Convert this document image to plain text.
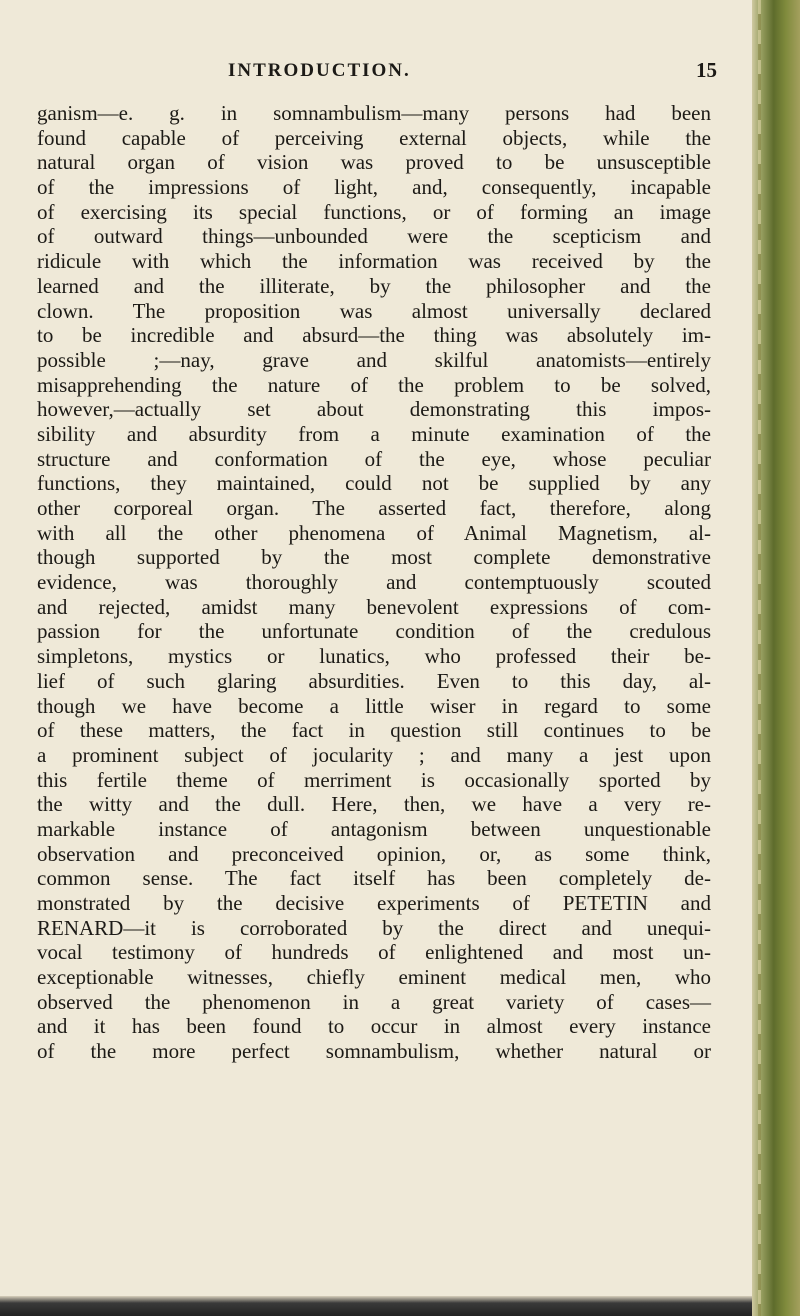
INTRODUCTION.	15
ganism—e. g. in somnambulism—many persons had been
found capable of perceiving external objects, while the
natural organ of vision was proved to be unsusceptible
of the impressions of light, and, consequently, incapable
of exercising its special functions, or of forming an image
of outward things—unbounded were the scepticism and
ridicule with which the information was received by the
learned and the illiterate, by the philosopher and the
clown. The proposition was almost universally declared
to be incredible and absurd—the thing was absolutely im-
possible ;—nay, grave and skilful anatomists—entirely
misapprehending the nature of the problem to be solved,
however,—actually set about demonstrating this impos-
sibility and absurdity from a minute examination of the
structure and conformation of the eye, whose peculiar
functions, they maintained, could not be supplied by any
other corporeal organ. The asserted fact, therefore, along
with all the other phenomena of Animal Magnetism, al-
though supported by the most complete demonstrative
evidence, was thoroughly and contemptuously scouted
and rejected, amidst many benevolent expressions of com-
passion for the unfortunate condition of the credulous
simpletons, mystics or lunatics, who professed their be-
lief of such glaring absurdities. Even to this day, al-
though we have become a little wiser in regard to some
of these matters, the fact in question still continues to be
a prominent subject of jocularity ; and many a jest upon
this fertile theme of merriment is occasionally sported by
the witty and the dull. Here, then, we have a very re-
markable instance of antagonism between unquestionable
observation and preconceived opinion, or, as some think,
common sense. The fact itself has been completely de-
monstrated by the decisive experiments of PETETIN and
RENARD—it is corroborated by the direct and unequi-
vocal testimony of hundreds of enlightened and most un-
exceptionable witnesses, chiefly eminent medical men, who
observed the phenomenon in a great variety of cases—
and it has been found to occur in almost every instance
of the more perfect somnambulism, whether natural or
